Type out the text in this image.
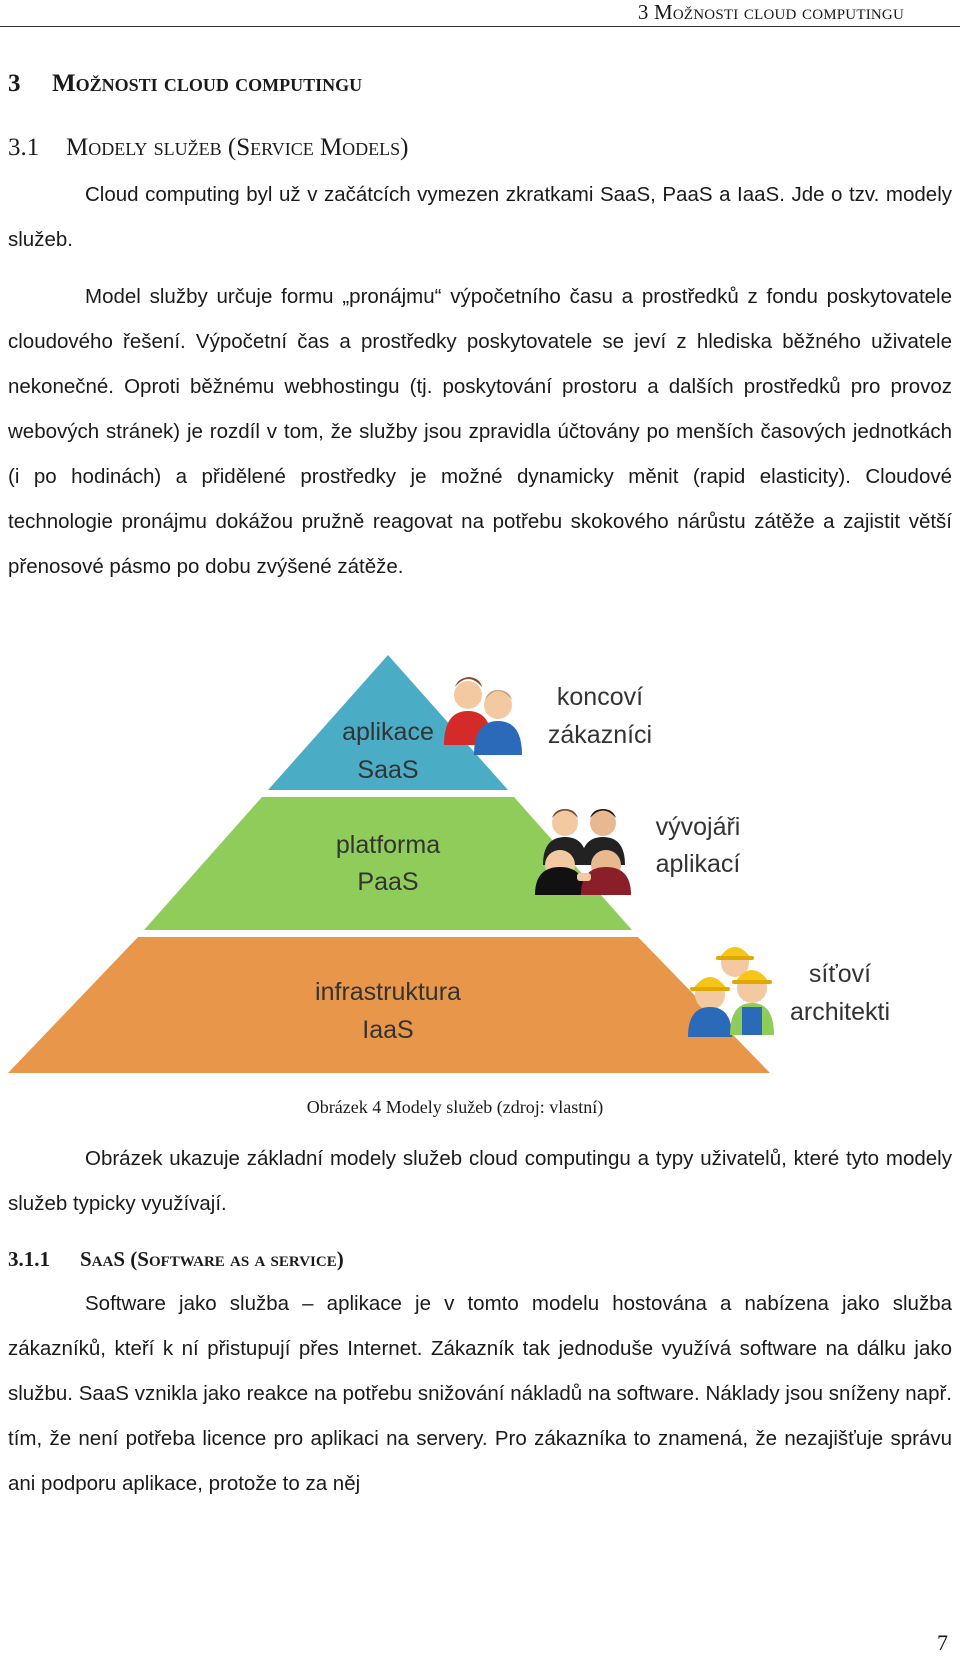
3 Možnosti cloud computingu
3 Možnosti cloud computingu
3.1 Modely služeb (Service Models)

Cloud computing byl už v začátcích vymezen zkratkami SaaS, PaaS a IaaS. Jde o tzv. modely služeb.

Model služby určuje formu „pronájmu“ výpočetního času a prostředků z fondu poskytovatele cloudového řešení. Výpočetní čas a prostředky poskytovatele se jeví z hlediska běžného uživatele nekonečné. Oproti běžnému webhostingu (tj. poskytování prostoru a dalších prostředků pro provoz webových stránek) je rozdíl v tom, že služby jsou zpravidla účtovány po menších časových jednotkách (i po hodinách) a přidělené prostředky je možné dynamicky měnit (rapid elasticity). Cloudové technologie pronájmu dokážou pružně reagovat na potřebu skokového nárůstu zátěže a zajistit větší přenosové pásmo po dobu zvýšené zátěže.

aplikace
SaaS
platforma
PaaS
infrastruktura
IaaS
koncoví
zákazníci
vývojáři
aplikací
síťoví
architekti
Obrázek 4 Modely služeb (zdroj: vlastní)

Obrázek ukazuje základní modely služeb cloud computingu a typy uživatelů, které tyto modely služeb typicky využívají.

3.1.1 SaaS (Software as a service)

Software jako služba – aplikace je v tomto modelu hostována a nabízena jako služba zákazníků, kteří k ní přistupují přes Internet. Zákazník tak jednoduše využívá software na dálku jako službu. SaaS vznikla jako reakce na potřebu snižování nákladů na software. Náklady jsou sníženy např. tím, že není potřeba licence pro aplikaci na servery. Pro zákazníka to znamená, že nezajišťuje správu ani podporu aplikace, protože to za něj

7
